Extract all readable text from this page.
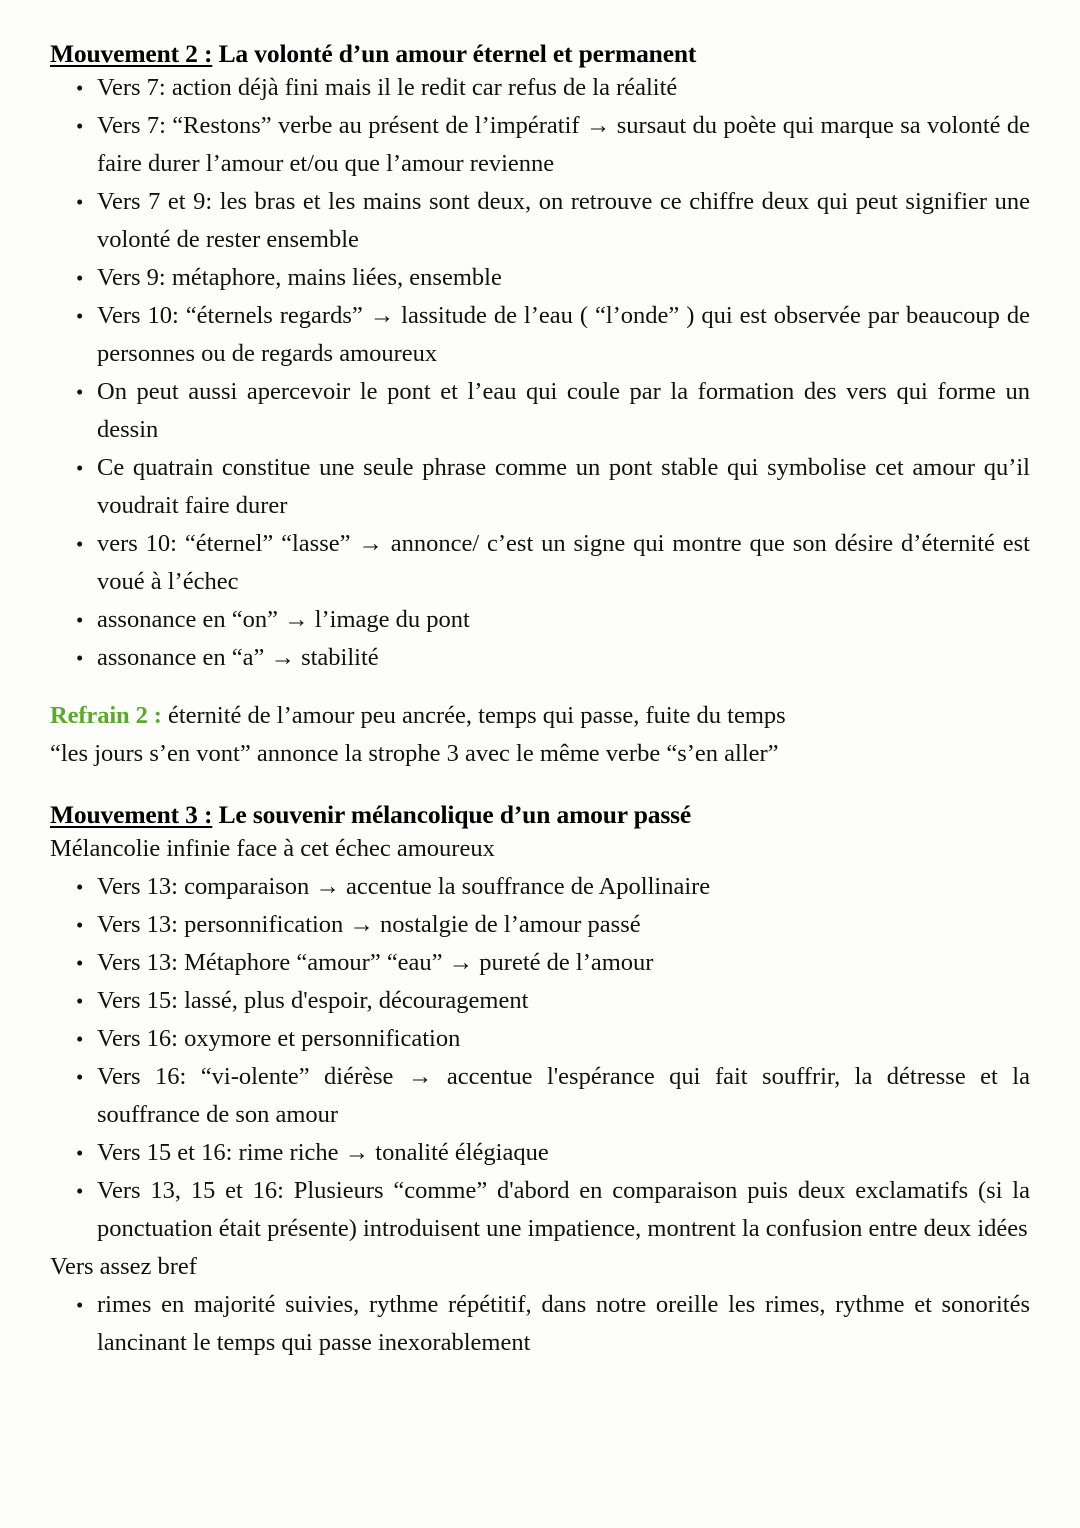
Mouvement 2 : La volonté d’un amour éternel et permanent
• Vers 7: action déjà fini mais il le redit car refus de la réalité
• Vers 7: “Restons” verbe au présent de l’impératif → sursaut du poète qui marque sa volonté de faire durer l’amour et/ou que l’amour revienne
• Vers 7 et 9: les bras et les mains sont deux, on retrouve ce chiffre deux qui peut signifier une volonté de rester ensemble
• Vers 9: métaphore, mains liées, ensemble
• Vers 10: “éternels regards” → lassitude de l’eau ( “l’onde” ) qui est observée par beaucoup de personnes ou de regards amoureux
• On peut aussi apercevoir le pont et l’eau qui coule par la formation des vers qui forme un dessin
• Ce quatrain constitue une seule phrase comme un pont stable qui symbolise cet amour qu’il voudrait faire durer
• vers 10: “éternel” “lasse” → annonce/ c’est un signe qui montre que son désire d’éternité est voué à l’échec
• assonance en “on” → l’image du pont
• assonance en “a” → stabilité

Refrain 2 : éternité de l’amour peu ancrée, temps qui passe, fuite du temps
“les jours s’en vont” annonce la strophe 3 avec le même verbe “s’en aller”

Mouvement 3 : Le souvenir mélancolique d’un amour passé

Mélancolie infinie face à cet échec amoureux

• Vers 13: comparaison → accentue la souffrance de Apollinaire
• Vers 13: personnification → nostalgie de l’amour passé
• Vers 13: Métaphore “amour” “eau” → pureté de l’amour
• Vers 15: lassé, plus d'espoir, découragement
• Vers 16: oxymore et personnification
• Vers 16: “vi-olente” diérèse → accentue l'espérance qui fait souffrir, la détresse et la souffrance de son amour
• Vers 15 et 16: rime riche → tonalité élégiaque
• Vers 13, 15 et 16: Plusieurs “comme” d'abord en comparaison puis deux exclamatifs (si la ponctuation était présente) introduisent une impatience, montrent la confusion entre deux idées

Vers assez bref

• rimes en majorité suivies, rythme répétitif, dans notre oreille les rimes, rythme et sonorités lancinant le temps qui passe inexorablement
